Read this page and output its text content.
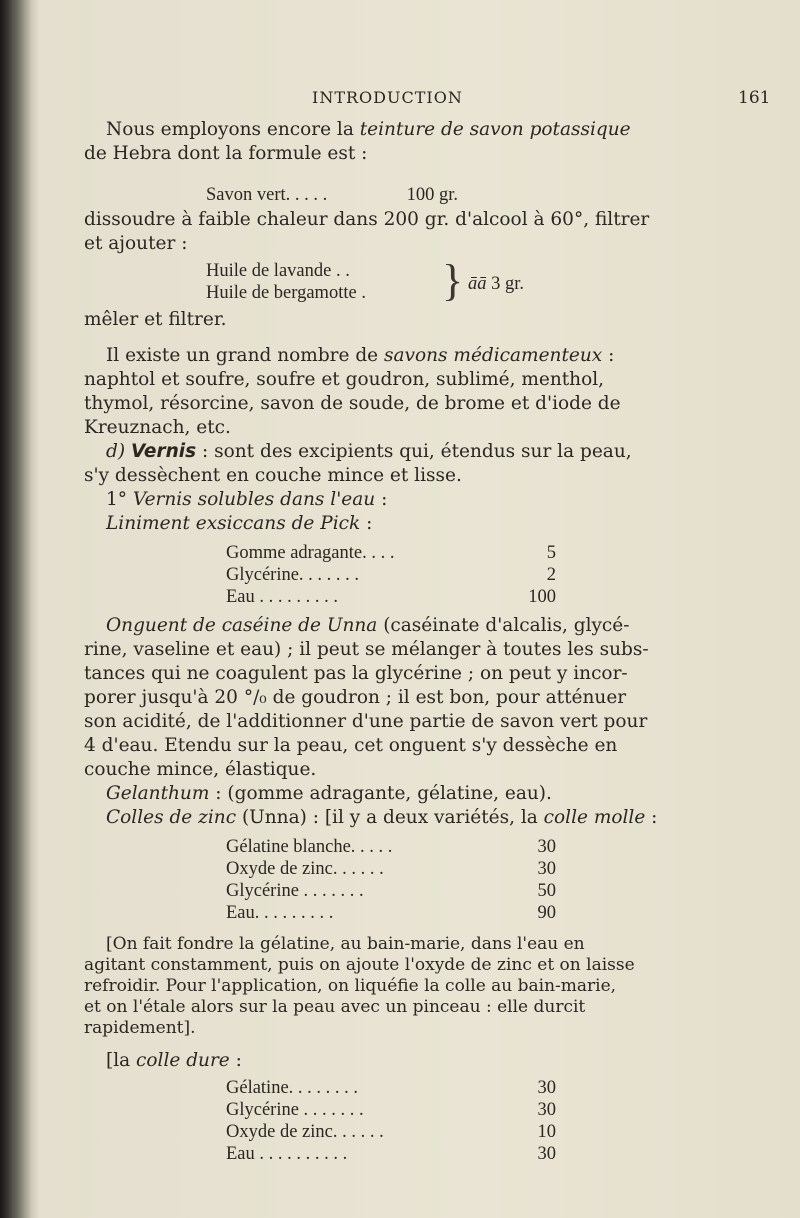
INTRODUCTION	161
Nous employons encore la teinture de savon potassique
de Hebra dont la formule est :
Savon vert. . . . .	100 gr.
dissoudre à faible chaleur dans 200 gr. d'alcool à 60°, filtrer
et ajouter :
Huile de lavande . .
Huile de bergamotte . } āā 3 gr.
mêler et filtrer.
Il existe un grand nombre de savons médicamenteux :
naphtol et soufre, soufre et goudron, sublimé, menthol,
thymol, résorcine, savon de soude, de brome et d'iode de
Kreuznach, etc.
d) Vernis : sont des excipients qui, étendus sur la peau,
s'y dessèchent en couche mince et lisse.
1° Vernis solubles dans l'eau :
Liniment exsiccans de Pick :
Gomme adragante. . . .	5
Glycérine. . . . . . .	2
Eau . . . . . . . . .	100
Onguent de caséine de Unna (caséinate d'alcalis, glycé-
rine, vaseline et eau) ; il peut se mélanger à toutes les subs-
tances qui ne coagulent pas la glycérine ; on peut y incor-
porer jusqu'à 20 °/₀ de goudron ; il est bon, pour atténuer
son acidité, de l'additionner d'une partie de savon vert pour
4 d'eau. Etendu sur la peau, cet onguent s'y dessèche en
couche mince, élastique.
Gelanthum : (gomme adragante, gélatine, eau).
Colles de zinc (Unna) : [il y a deux variétés, la colle molle :
Gélatine blanche. . . . .	30
Oxyde de zinc. . . . . .	30
Glycérine . . . . . . .	50
Eau. . . . . . . . .	90
[On fait fondre la gélatine, au bain-marie, dans l'eau en
agitant constamment, puis on ajoute l'oxyde de zinc et on laisse
refroidir. Pour l'application, on liquéfie la colle au bain-marie,
et on l'étale alors sur la peau avec un pinceau : elle durcit
rapidement].
[la colle dure :
Gélatine. . . . . . . .	30
Glycérine . . . . . . .	30
Oxyde de zinc. . . . . .	10
Eau . . . . . . . . . .	30
